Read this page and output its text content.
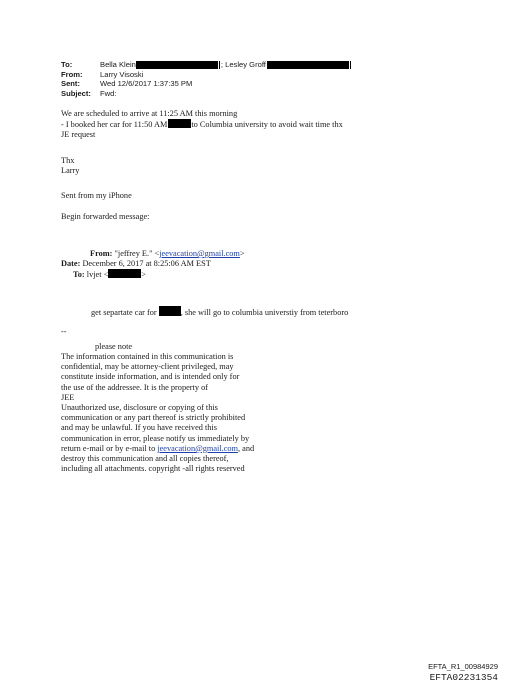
To:	Bella Klein	; Lesley Groff
From:	Larry Visoski
Sent:	Wed 12/6/2017 1:37:35 PM
Subject:	Fwd:
We are scheduled to arrive at 11:25 AM this morning
- I booked her car for 11:50 AM	to Columbia university to avoid wait time thx
JE request
Thx
Larry
Sent from my iPhone
Begin forwarded message:
From: "jeffrey E." <jeevacation@gmail.com>
Date: December 6, 2017 at 8:25:06 AM EST
To: lvjet <	>
get separtate car for	, she will go to columbia universtiy from teterboro
--
please note
The information contained in this communication is
confidential, may be attorney-client privileged, may
constitute inside information, and is intended only for
the use of the addressee. It is the property of
JEE
Unauthorized use, disclosure or copying of this
communication or any part thereof is strictly prohibited
and may be unlawful. If you have received this
communication in error, please notify us immediately by
return e-mail or by e-mail to jeevacation@gmail.com, and
destroy this communication and all copies thereof,
including all attachments. copyright -all rights reserved
EFTA_R1_00984929
EFTA02231354
